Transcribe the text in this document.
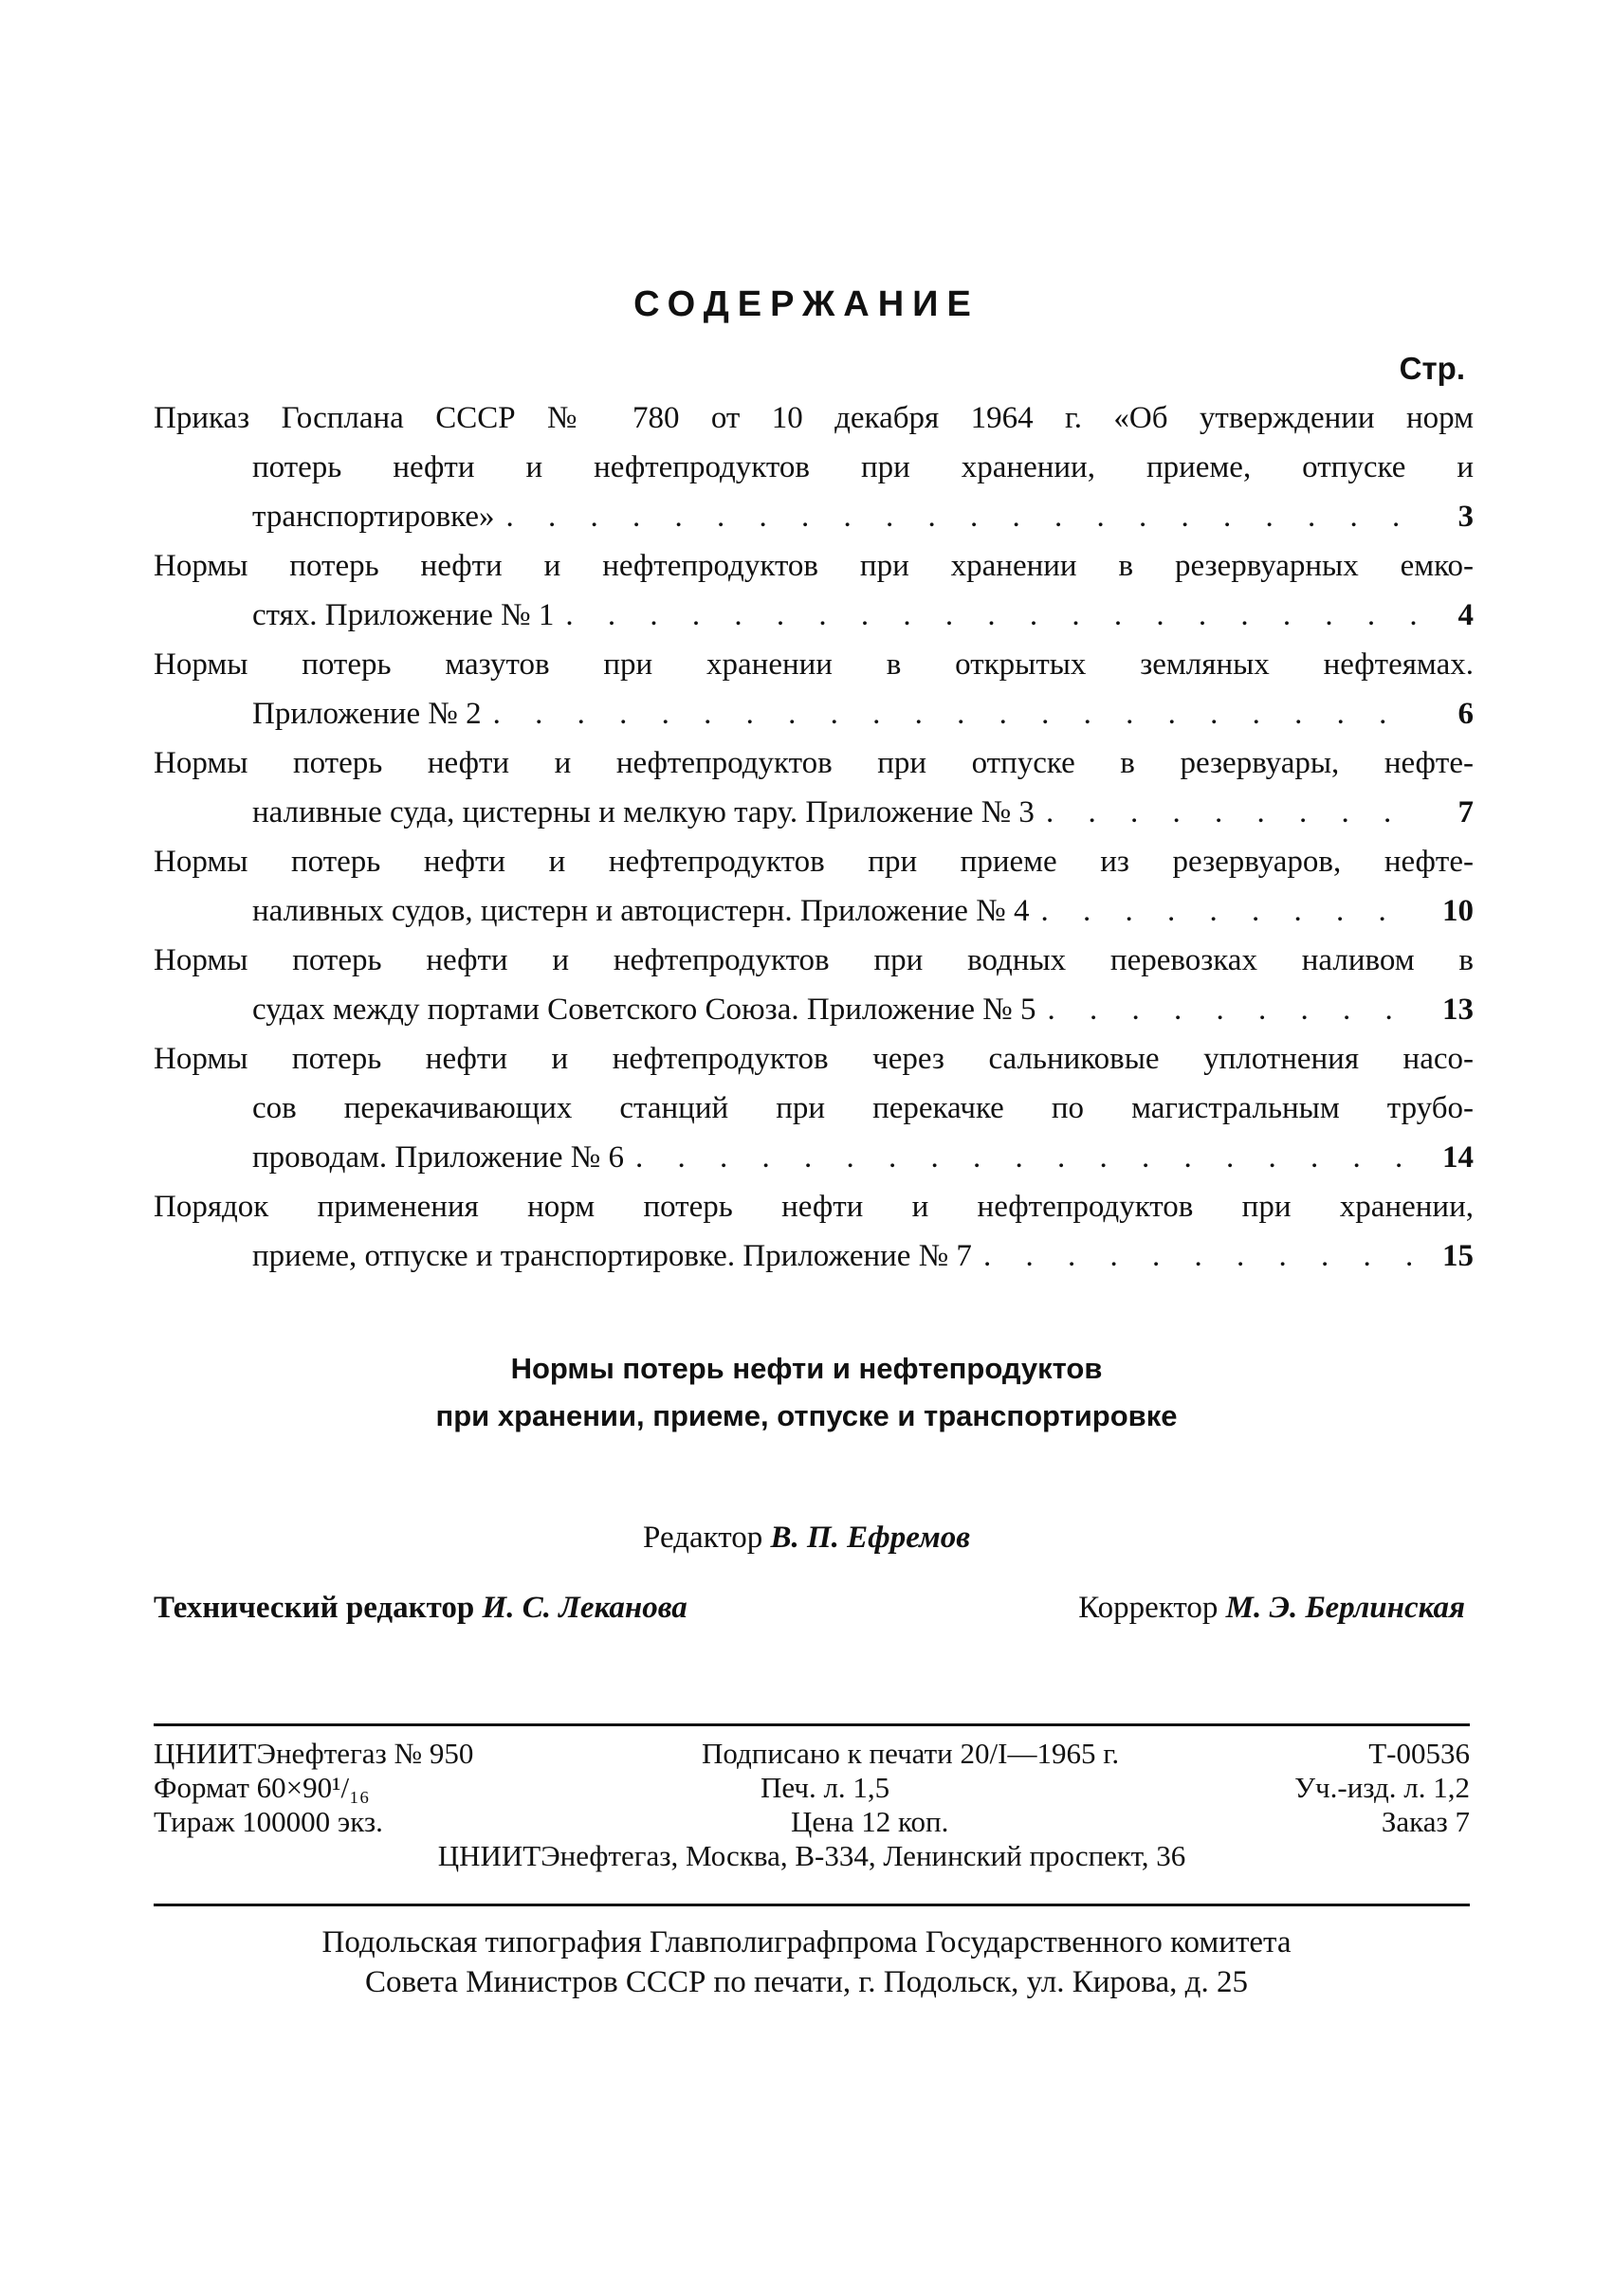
СОДЕРЖАНИЕ
Стр.
Приказ Госплана СССР № 780 от 10 декабря 1964 г. «Об утверждении норм
потерь нефти и нефтепродуктов при хранении, приеме, отпуске и
транспортировке» . . .	3
Нормы потерь нефти и нефтепродуктов при хранении в резервуарных емко-
стях. Приложение № 1 . . .	4
Нормы потерь мазутов при хранении в открытых земляных нефтеямах.
Приложение № 2 . . .	6
Нормы потерь нефти и нефтепродуктов при отпуске в резервуары, нефте-
наливные суда, цистерны и мелкую тару. Приложение № 3 . . .	7
Нормы потерь нефти и нефтепродуктов при приеме из резервуаров, нефте-
наливных судов, цистерн и автоцистерн. Приложение № 4 . . .	10
Нормы потерь нефти и нефтепродуктов при водных перевозках наливом в
судах между портами Советского Союза. Приложение № 5 . . .	13
Нормы потерь нефти и нефтепродуктов через сальниковые уплотнения насо-
сов перекачивающих станций при перекачке по магистральным трубо-
проводам. Приложение № 6 . . .	14
Порядок применения норм потерь нефти и нефтепродуктов при хранении,
приеме, отпуске и транспортировке. Приложение № 7 . . .	15
Нормы потерь нефти и нефтепродуктов
при хранении, приеме, отпуске и транспортировке
Редактор В. П. Ефремов
Технический редактор И. С. Леканова	Корректор М. Э. Берлинская
ЦНИИТЭнефтегаз № 950	Подписано к печати 20/I—1965 г.	Т-00536
Формат 60×90¹/₁₆	Печ. л. 1,5	Уч.-изд. л. 1,2
Тираж 100000 экз.	Цена 12 коп.	Заказ 7
ЦНИИТЭнефтегаз, Москва, В-334, Ленинский проспект, 36
Подольская типография Главполиграфпрома Государственного комитета
Совета Министров СССР по печати, г. Подольск, ул. Кирова, д. 25
